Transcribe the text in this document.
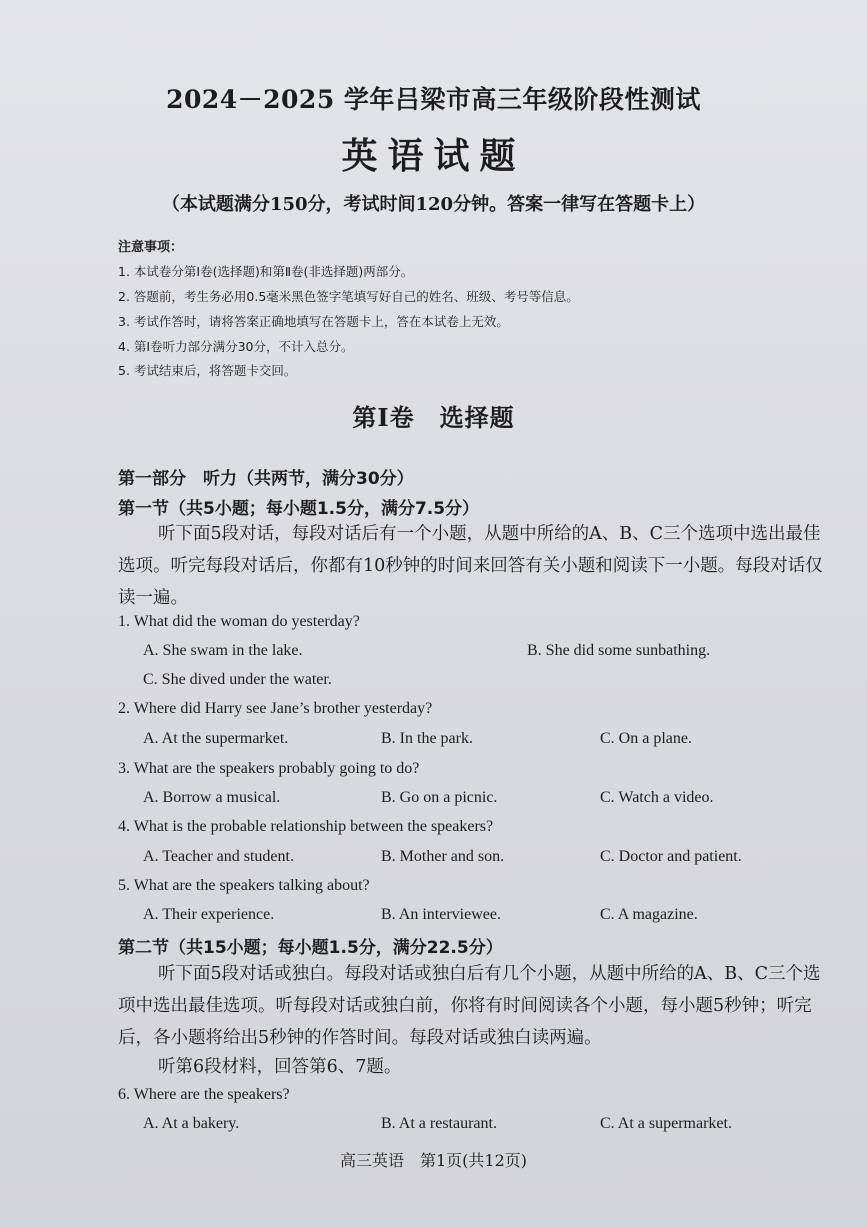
2024－2025 学年吕梁市高三年级阶段性测试
英语试题
（本试题满分150分，考试时间120分钟。答案一律写在答题卡上）
注意事项：
1. 本试卷分第Ⅰ卷(选择题)和第Ⅱ卷(非选择题)两部分。
2. 答题前，考生务必用0.5毫米黑色签字笔填写好自己的姓名、班级、考号等信息。
3. 考试作答时，请将答案正确地填写在答题卡上，答在本试卷上无效。
4. 第Ⅰ卷听力部分满分30分，不计入总分。
5. 考试结束后，将答题卡交回。
第Ⅰ卷　选择题
第一部分　听力（共两节，满分30分）
第一节（共5小题；每小题1.5分，满分7.5分）
听下面5段对话，每段对话后有一个小题，从题中所给的A、B、C三个选项中选出最佳选项。听完每段对话后，你都有10秒钟的时间来回答有关小题和阅读下一小题。每段对话仅读一遍。
1. What did the woman do yesterday?
A. She swam in the lake.	B. She did some sunbathing.
C. She dived under the water.
2. Where did Harry see Jane’s brother yesterday?
A. At the supermarket.	B. In the park.	C. On a plane.
3. What are the speakers probably going to do?
A. Borrow a musical.	B. Go on a picnic.	C. Watch a video.
4. What is the probable relationship between the speakers?
A. Teacher and student.	B. Mother and son.	C. Doctor and patient.
5. What are the speakers talking about?
A. Their experience.	B. An interviewee.	C. A magazine.
第二节（共15小题；每小题1.5分，满分22.5分）
听下面5段对话或独白。每段对话或独白后有几个小题，从题中所给的A、B、C三个选项中选出最佳选项。听每段对话或独白前，你将有时间阅读各个小题，每小题5秒钟；听完后，各小题将给出5秒钟的作答时间。每段对话或独白读两遍。
听第6段材料，回答第6、7题。
6. Where are the speakers?
A. At a bakery.	B. At a restaurant.	C. At a supermarket.
高三英语　第1页(共12页)
